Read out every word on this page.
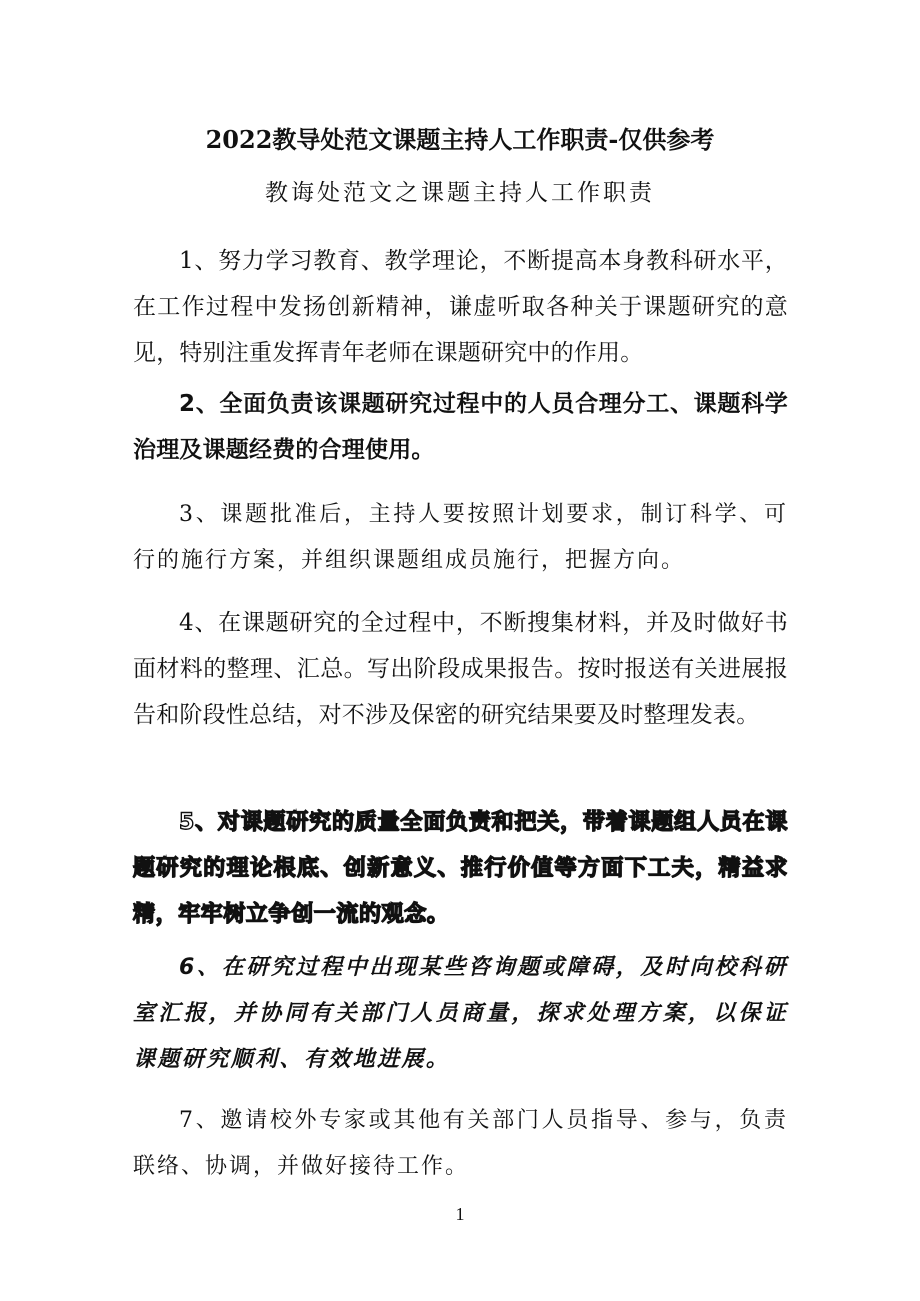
2022教导处范文课题主持人工作职责-仅供参考
教诲处范文之课题主持人工作职责

1、努力学习教育、教学理论，不断提高本身教科研水平，在工作过程中发扬创新精神，谦虚听取各种关于课题研究的意见，特别注重发挥青年老师在课题研究中的作用。

2、全面负责该课题研究过程中的人员合理分工、课题科学治理及课题经费的合理使用。

3、课题批准后，主持人要按照计划要求，制订科学、可行的施行方案，并组织课题组成员施行，把握方向。

4、在课题研究的全过程中，不断搜集材料，并及时做好书面材料的整理、汇总。写出阶段成果报告。按时报送有关进展报告和阶段性总结，对不涉及保密的研究结果要及时整理发表。

5、对课题研究的质量全面负责和把关，带着课题组人员在课题研究的理论根底、创新意义、推行价值等方面下工夫，精益求精，牢牢树立争创一流的观念。

6、在研究过程中出现某些咨询题或障碍，及时向校科研室汇报，并协同有关部门人员商量，探求处理方案，以保证课题研究顺利、有效地进展。

7、邀请校外专家或其他有关部门人员指导、参与，负责联络、协调，并做好接待工作。

1
